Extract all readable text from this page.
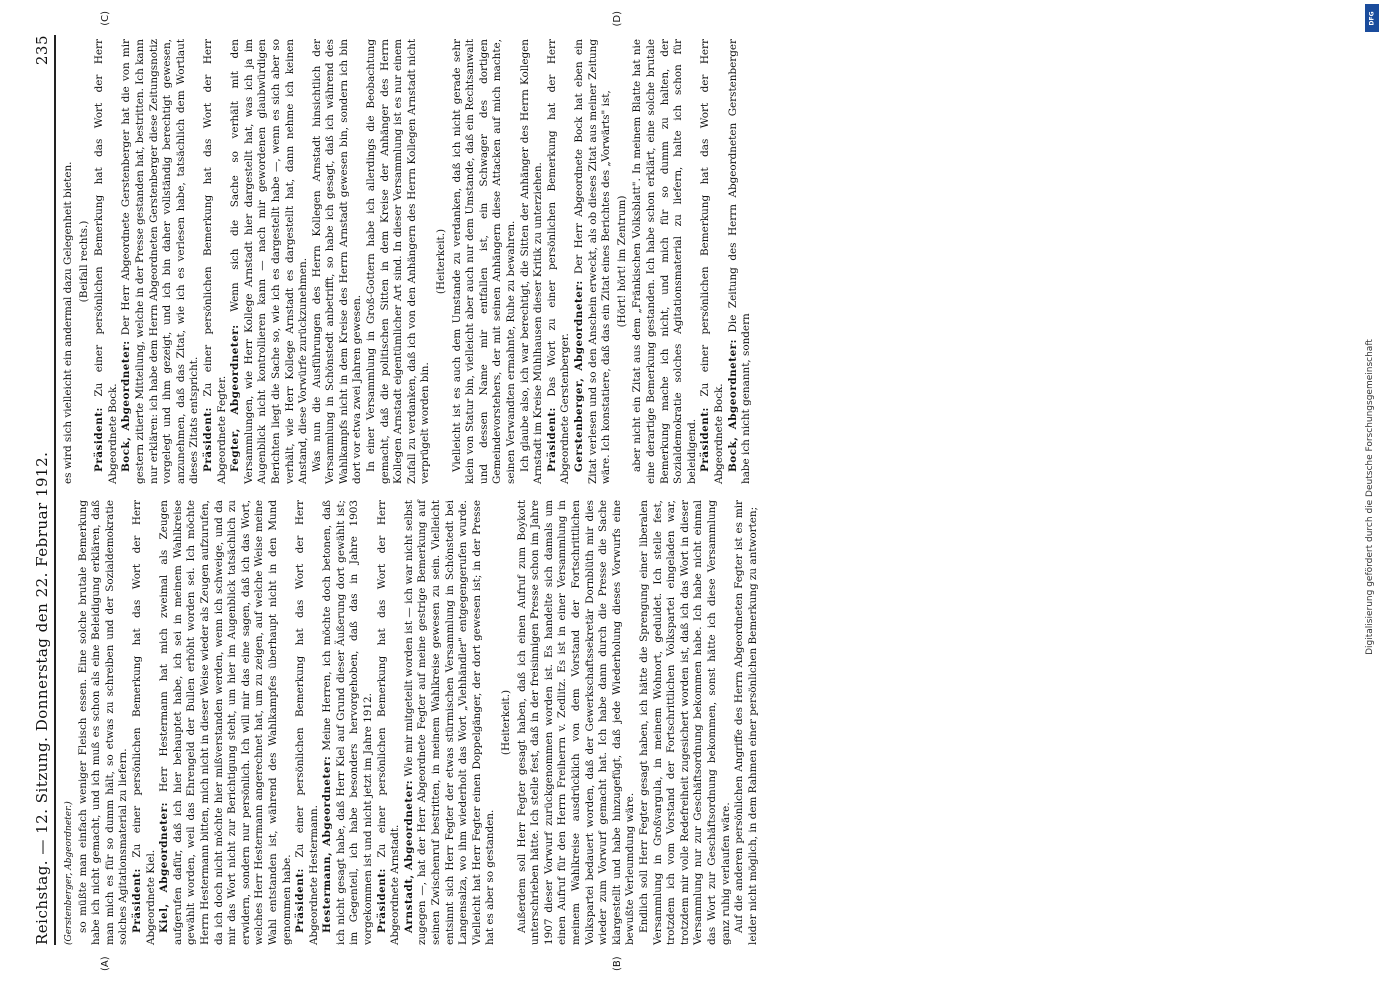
DFG
Digitalisierung gefördert durch die Deutsche Forschungsgemeinschaft
Reichstag. — 12. Sitzung. Donnerstag den 22. Februar 1912.
235
(A)	(B)
(C)	(D)

(Gerstenberger, Abgeordneter.) so müßte man einfach weniger Fleisch essen. Eine solche brutale Bemerkung habe ich nicht gemacht, und ich muß es schon als eine Beleidigung erklären, daß man mich es für so dumm hält, so etwas zu schreiben und der Sozialdemokratie solches Agitationsmaterial zu liefern. Präsident: Zu einer persönlichen Bemerkung hat das Wort der Herr Abgeordnete Kiel. Kiel, Abgeordneter: Herr Hestermann hat mich zweimal als Zeugen aufgerufen dafür, daß ich hier behauptet habe, ich sei in meinem Wahlkreise gewählt worden, weil das Ehrengeld der Bullen erhöht worden sei. Ich möchte Herrn Hestermann bitten, mich nicht in dieser Weise wieder als Zeugen aufzurufen, da ich doch nicht möchte hier mißverstanden werden, wenn ich schweige, und da mir das Wort nicht zur Berichtigung steht, um hier im Augenblick tatsächlich zu erwidern, sondern nur persönlich. Ich will mir das eine sagen, daß ich das Wort, welches Herr Hestermann angerechnet hat, um zu zeigen, auf welche Weise meine Wahl entstanden ist, während des Wahlkampfes überhaupt nicht in den Mund genommen habe. Präsident: Zu einer persönlichen Bemerkung hat das Wort der Herr Abgeordnete Hestermann. Hestermann, Abgeordneter: Meine Herren, ich möchte doch betonen, daß ich nicht gesagt habe, daß Herr Kiel auf Grund dieser Äußerung dort gewählt ist; im Gegenteil, ich habe besonders hervorgehoben, daß das in Jahre 1903 vorgekommen ist und nicht jetzt im Jahre 1912. Präsident: Zu einer persönlichen Bemerkung hat das Wort der Herr Abgeordnete Arnstadt. Arnstadt, Abgeordneter: Wie mir mitgeteilt worden ist — ich war nicht selbst zugegen —, hat der Herr Abgeordnete Fegter auf meine gestrige Bemerkung auf seinen Zwischenruf bestritten, in meinem Wahlkreise gewesen zu sein. Vielleicht entsinnt sich Herr Fegter der etwas stürmischen Versammlung in Schönstedt bei Langensalza, wo ihm wiederholt das Wort „Viehhändler" entgegengerufen wurde. Vielleicht hat Herr Fegter einen Doppelgänger, der dort gewesen ist; in der Presse hat es aber so gestanden.

(Heiterkeit.) Außerdem soll Herr Fegter gesagt haben, daß ich einen Aufruf zum Boykott unterschrieben hätte. Ich stelle fest, daß in der freisinnigen Presse schon im Jahre 1907 dieser Vorwurf zurückgenommen worden ist. Es handelte sich damals um einen Aufruf für den Herrn Freiherrn v. Zedlitz. Es ist in einer Versammlung in meinem Wahlkreise ausdrücklich von dem Vorstand der Fortschrittlichen Volkspartei bedauert worden, daß der Gewerkschaftssekretär Dornblüth mir dies wieder zum Vorwurf gemacht hat. Ich habe dann durch die Presse die Sache klargestellt und habe hinzugefügt, daß jede Wiederholung dieses Vorwurfs eine bewußte Verleumdung wäre. Endlich soll Herr Fegter gesagt haben, ich hätte die Sprengung einer liberalen Versammlung in Großvargula, in meinem Wohnort, geduldet. Ich stelle fest, trotzdem ich vom Vorstand der Fortschrittlichen Volkspartei eingeladen war, trotzdem mir volle Redefreiheit zugesichert worden ist, daß ich das Wort in dieser Versammlung nur zur Geschäftsordnung bekommen habe. Ich habe nicht einmal das Wort zur Geschäftsordnung bekommen, sonst hätte ich diese Versammlung ganz ruhig verlaufen wäre. Auf die anderen persönlichen Angriffe des Herrn Abgeordneten Fegter ist es mir leider nicht möglich, in dem Rahmen einer persönlichen Bemerkung zu antworten;

es wird sich vielleicht ein andermal dazu Gelegenheit bieten. (Beifall rechts.)

Präsident: Zu einer persönlichen Bemerkung hat das Wort der Herr Abgeordnete Bock. Bock, Abgeordneter: Der Herr Abgeordnete Gerstenberger hat die von mir gestern zitierte Mitteilung, welche in der Presse gestanden hat, bestritten. Ich kann nur erklären: ich habe dem Herrn Abgeordneten Gerstenberger diese Zeitungsnotiz vorgelegt und ihm gezeigt, und ich bin daher vollständig berechtigt gewesen, anzunehmen, daß das Zitat, wie ich es verlesen habe, tatsächlich dem Wortlaut dieses Zitats entspricht. Präsident: Zu einer persönlichen Bemerkung hat das Wort der Herr Abgeordnete Fegter. Fegter, Abgeordneter: Wenn sich die Sache so verhält mit den Versammlungen, wie Herr Kollege Arnstadt hier dargestellt hat, was ich ja im Augenblick nicht kontrollieren kann — nach mir gewordenen glaubwürdigen Berichten liegt die Sache so, wie ich es dargestellt habe —, wenn es sich aber so verhält, wie Herr Kollege Arnstadt es dargestellt hat, dann nehme ich keinen Anstand, diese Vorwürfe zurückzunehmen. Was nun die Ausführungen des Herrn Kollegen Arnstadt hinsichtlich der Versammlung in Schönstedt anbetrifft, so habe ich gesagt, daß ich während des Wahlkampfs nicht in dem Kreise des Herrn Arnstadt gewesen bin, sondern ich bin dort vor etwa zwei Jahren gewesen. In einer Versammlung in Groß-Gottern habe ich allerdings die Beobachtung gemacht, daß die politischen Sitten in dem Kreise der Anhänger des Herrn Kollegen Arnstadt eigentümlicher Art sind. In dieser Versammlung ist es nur einem Zufall zu verdanken, daß ich von den Anhängern des Herrn Kollegen Arnstadt nicht verprügelt worden bin.

(Heiterkeit.) Vielleicht ist es auch dem Umstande zu verdanken, daß ich nicht gerade sehr klein von Statur bin, vielleicht aber auch nur dem Umstande, daß ein Rechtsanwalt und dessen Name mir entfallen ist, ein Schwager des dortigen Gemeindevorstehers, der mit seinen Anhängern diese Attacken auf mich machte, seinen Verwandten ermahnte, Ruhe zu bewahren. Ich glaube also, ich war berechtigt, die Sitten der Anhänger des Herrn Kollegen Arnstadt im Kreise Mühlhausen dieser Kritik zu unterziehen. Präsident: Das Wort zu einer persönlichen Bemerkung hat der Herr Abgeordnete Gerstenberger. Gerstenberger, Abgeordneter: Der Herr Abgeordnete Bock hat eben ein Zitat verlesen und so den Anschein erweckt, als ob dieses Zitat aus meiner Zeitung wäre. Ich konstatiere, daß das ein Zitat eines Berichtes des „Vorwärts" ist, (Hört! hört! im Zentrum) aber nicht ein Zitat aus dem „Fränkischen Volksblatt". In meinem Blatte hat nie eine derartige Bemerkung gestanden. Ich habe schon erklärt, eine solche brutale Bemerkung mache ich nicht, und mich für so dumm zu halten, der Sozialdemokratie solches Agitationsmaterial zu liefern, halte ich schon für beleidigend. Präsident: Zu einer persönlichen Bemerkung hat das Wort der Herr Abgeordnete Bock. Bock, Abgeordneter: Die Zeitung des Herrn Abgeordneten Gerstenberger habe ich nicht genannt, sondern
